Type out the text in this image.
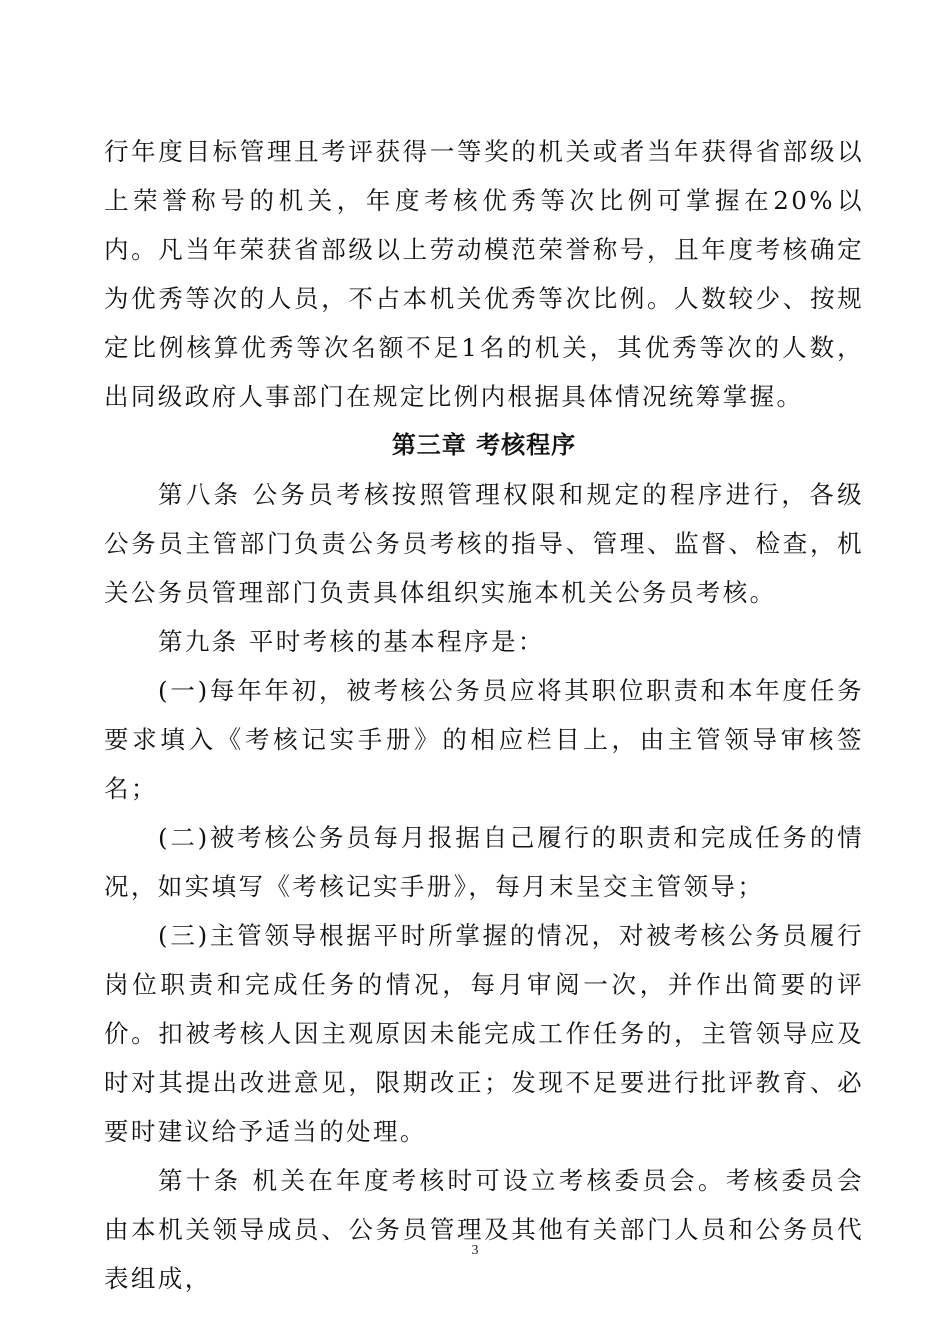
行年度目标管理且考评获得一等奖的机关或者当年获得省部级以上荣誉称号的机关，年度考核优秀等次比例可掌握在20%以内。凡当年荣获省部级以上劳动模范荣誉称号，且年度考核确定为优秀等次的人员，不占本机关优秀等次比例。人数较少、按规定比例核算优秀等次名额不足1名的机关，其优秀等次的人数，出同级政府人事部门在规定比例内根据具体情况统筹掌握。

第三章 考核程序

第八条 公务员考核按照管理权限和规定的程序进行，各级公务员主管部门负责公务员考核的指导、管理、监督、检查，机关公务员管理部门负责具体组织实施本机关公务员考核。

第九条 平时考核的基本程序是：

(一)每年年初，被考核公务员应将其职位职责和本年度任务要求填入《考核记实手册》的相应栏目上，由主管领导审核签名；

(二)被考核公务员每月报据自己履行的职责和完成任务的情况，如实填写《考核记实手册》，每月末呈交主管领导；

(三)主管领导根据平时所掌握的情况，对被考核公务员履行岗位职责和完成任务的情况，每月审阅一次，并作出简要的评价。扣被考核人因主观原因未能完成工作任务的，主管领导应及时对其提出改进意见，限期改正；发现不足要进行批评教育、必要时建议给予适当的处理。

第十条 机关在年度考核时可设立考核委员会。考核委员会由本机关领导成员、公务员管理及其他有关部门人员和公务员代表组成，

3
